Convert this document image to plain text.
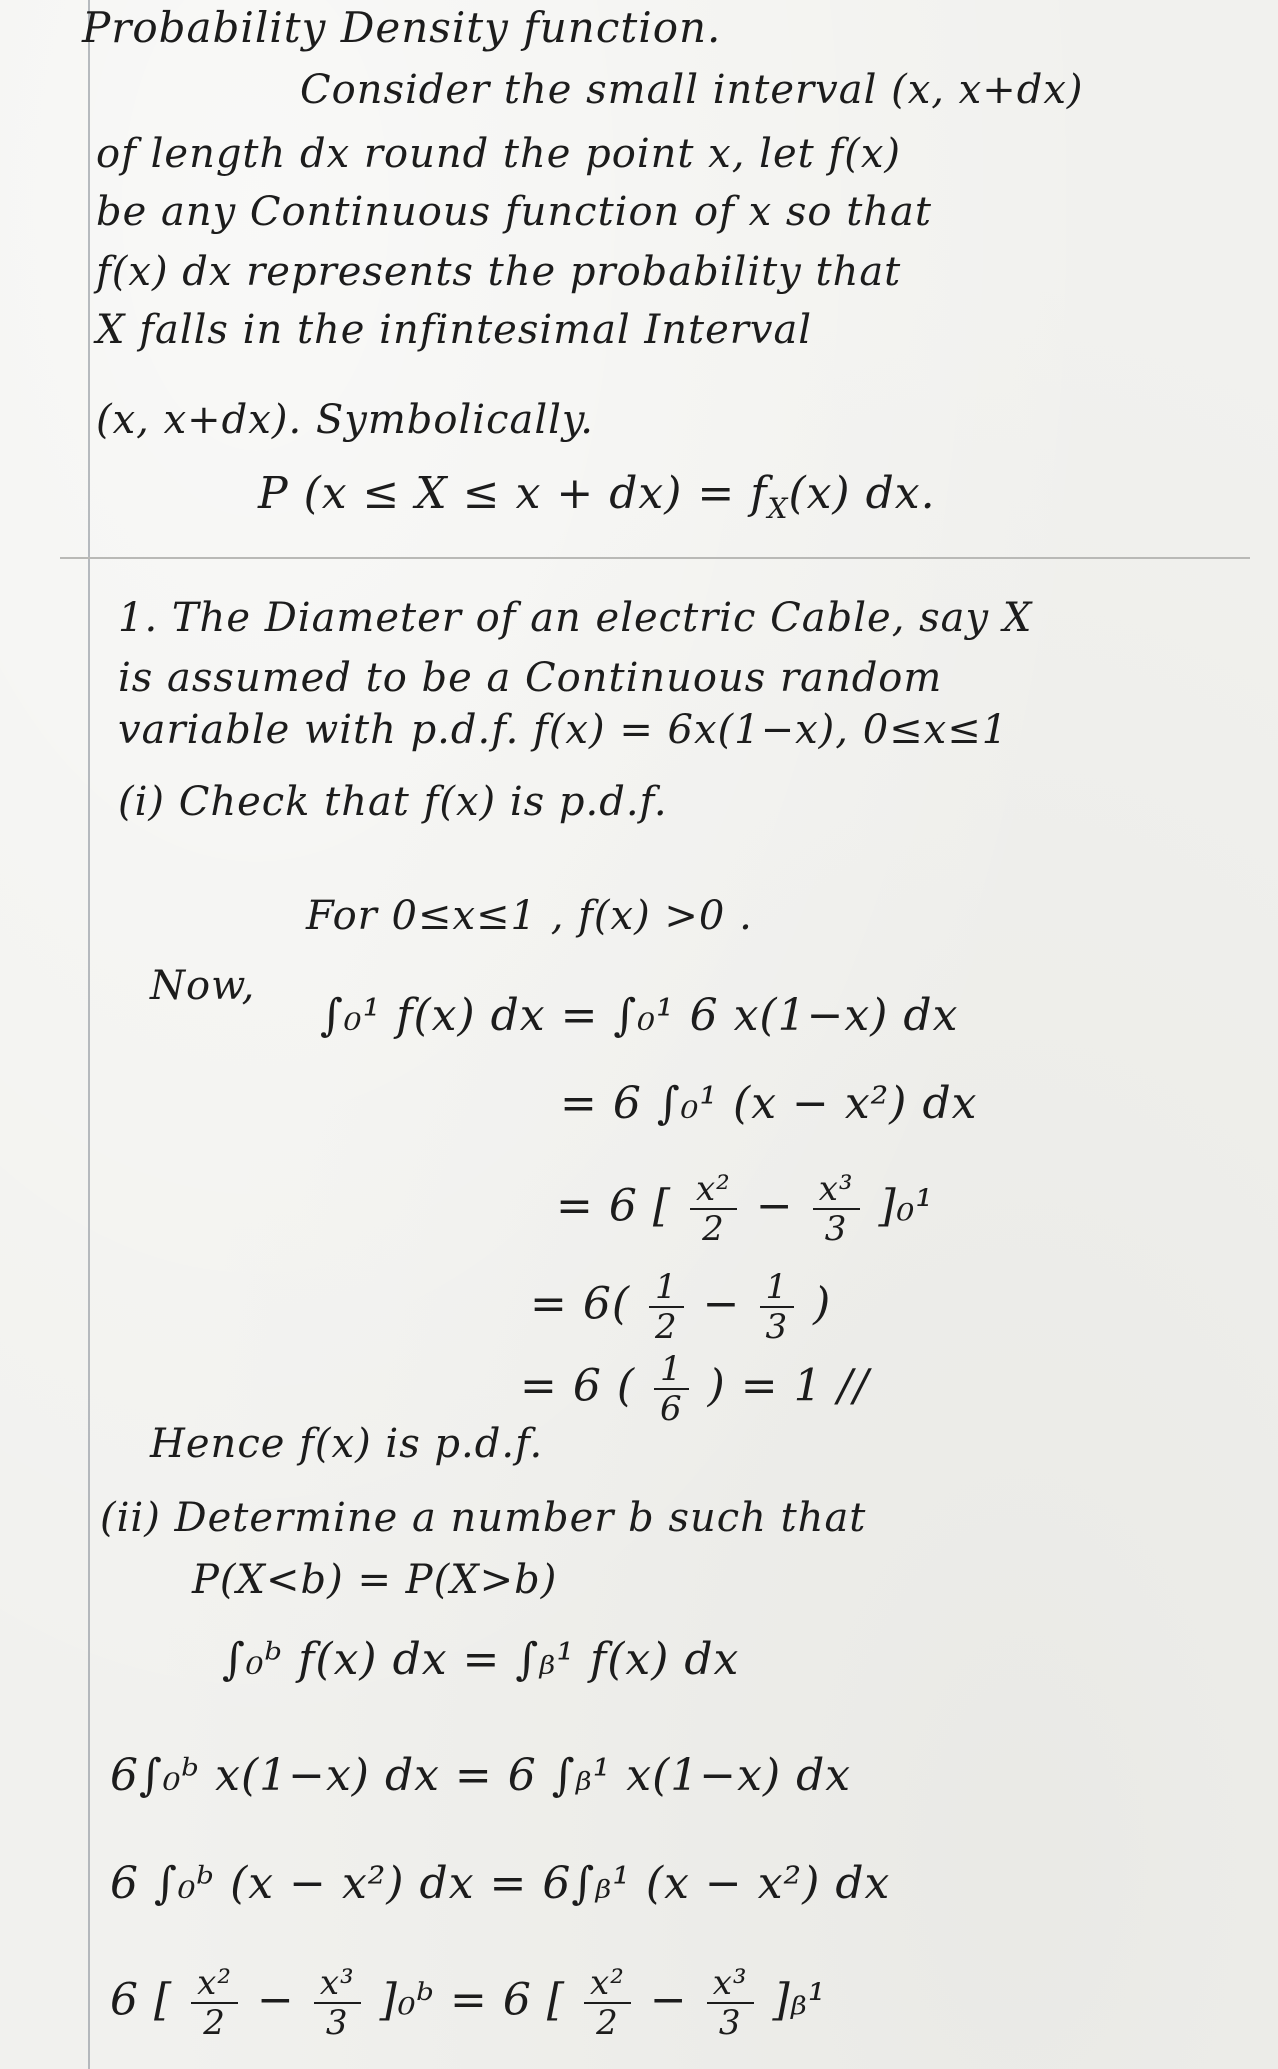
Probability Density function.
Consider the small interval (x, x+dx)
of length dx round the point x, let f(x)
be any Continuous function of x so that
f(x) dx represents the probability that
X falls in the infintesimal Interval
(x, x+dx). Symbolically.
P $(x \le X \le x + dx) = f_X(x)$ dx.
1. The Diameter of an electric Cable, say X
is assumed to be a Continuous random
variable with p.d.f. f(x) = 6x(1−x), 0≤x≤1
(i) Check that f(x) is p.d.f.
For 0≤x≤1 , f(x) >0 .
Now,
∫₀¹ f(x) dx = ∫₀¹ 6 x(1−x) dx
= 6 ∫₀¹ (x − x²) dx
= 6 [ $\frac{\text{x²}}{2} - \frac{\text{x³}}{3} ]_0^1$
= $6( \frac{1}{2} - \frac{1}{3}$ )
= 6 ( $\frac{1}{6}$ ) = 1 //
Hence f(x) is p.d.f.
(ii) Determine a number b such that
P(X<b) = P(X>b)
∫₀ᵇ f(x) dx = ∫ᵦ¹ f(x) dx
6∫₀ᵇ x(1−x) dx = 6 ∫ᵦ¹ x(1−x) dx
6 ∫₀ᵇ (x − x²) dx = 6∫ᵦ¹ (x − x²) dx
6 [ $\frac{\text{x²}}{2} - \frac{\text{x³}}{3}$ ]₀ᵇ = 6 [ $\frac{\text{x²}}{2} - \frac{\text{x³}}{3}$ ]ᵦ¹
